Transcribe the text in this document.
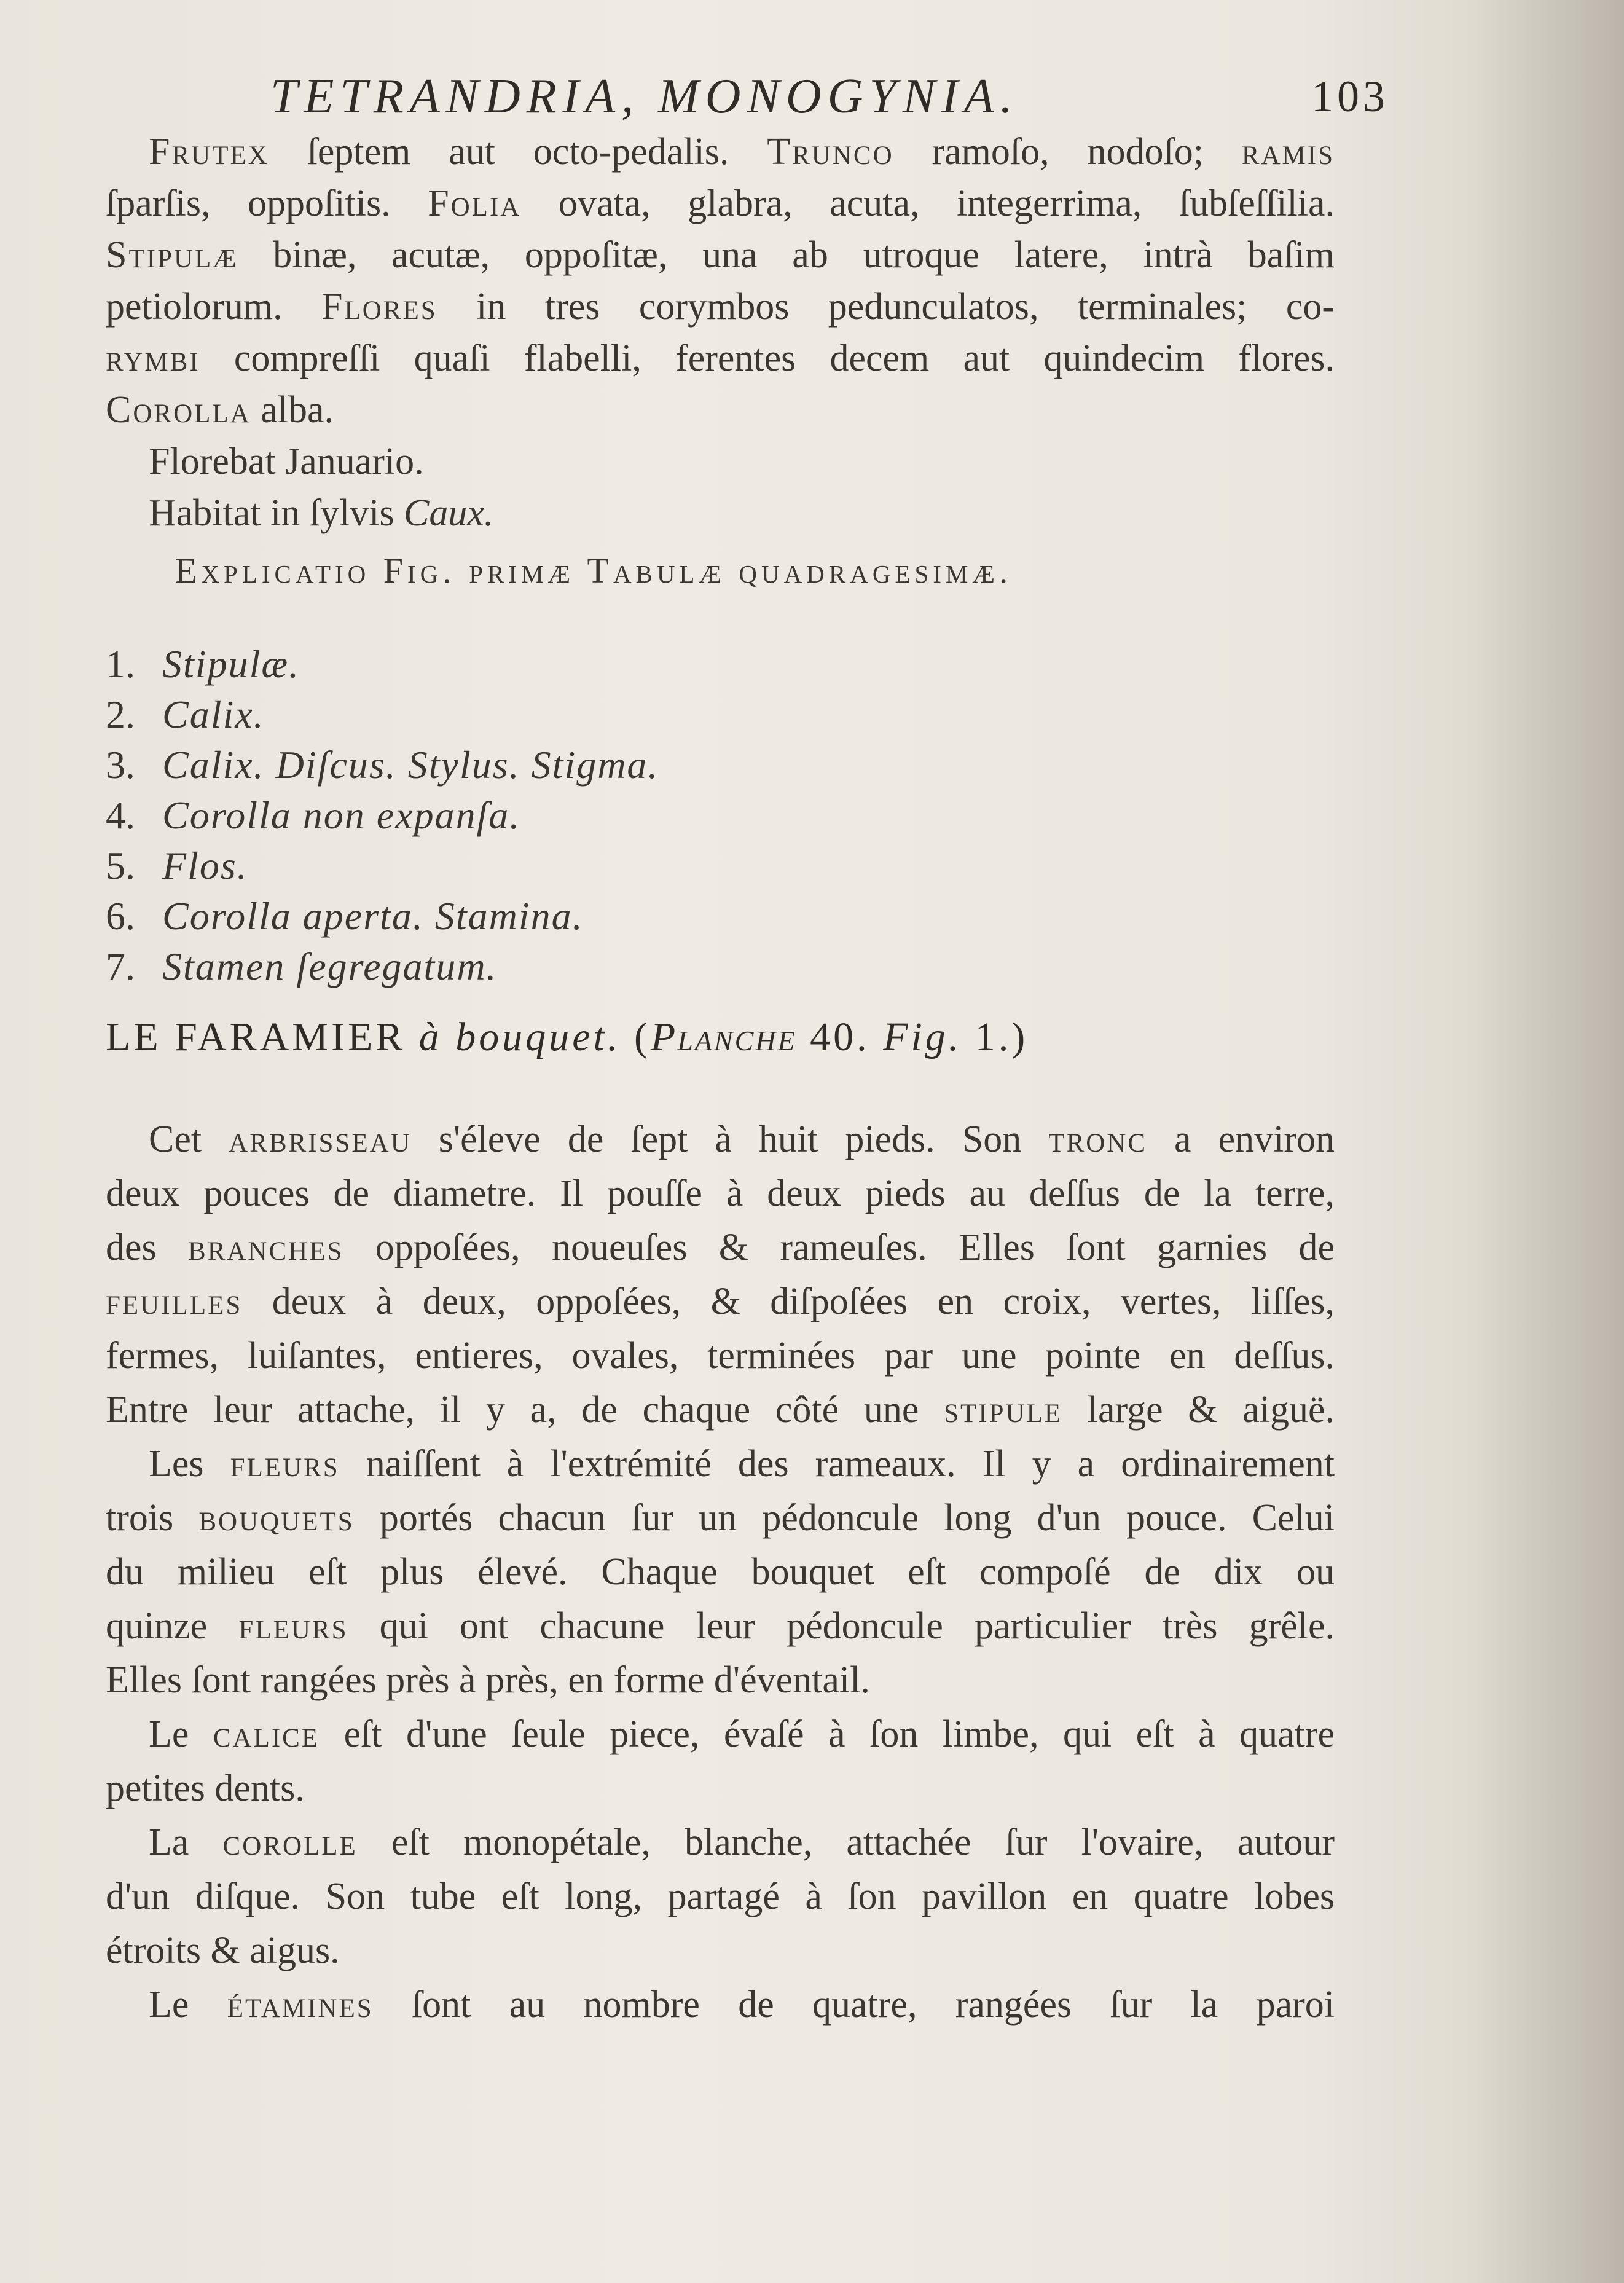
TETRANDRIA, MONOGYNIA.	103
Frutex ſeptem aut octo-pedalis. Trunco ramoſo, nodoſo; ramis
ſparſis, oppoſitis. Folia ovata, glabra, acuta, integerrima, ſubſeſſilia.
Stipulæ binæ, acutæ, oppoſitæ, una ab utroque latere, intrà baſim
petiolorum. Flores in tres corymbos pedunculatos, terminales; co-
rymbi compreſſi quaſi flabelli, ferentes decem aut quindecim flores.
Corolla alba.
Florebat Januario.
Habitat in ſylvis Caux.
Explicatio Fig. primæ Tabulæ quadragesimæ.
1. Stipulæ.
2. Calix.
3. Calix. Diſcus. Stylus. Stigma.
4. Corolla non expanſa.
5. Flos.
6. Corolla aperta. Stamina.
7. Stamen ſegregatum.
LE FARAMIER à bouquet. (Planche 40. Fig. 1.)
Cet arbrisseau s'éleve de ſept à huit pieds. Son tronc a environ
deux pouces de diametre. Il pouſſe à deux pieds au deſſus de la terre,
des branches oppoſées, noueuſes & rameuſes. Elles ſont garnies de
feuilles deux à deux, oppoſées, & diſpoſées en croix, vertes, liſſes,
fermes, luiſantes, entieres, ovales, terminées par une pointe en deſſus.
Entre leur attache, il y a, de chaque côté une stipule large & aiguë.
Les fleurs naiſſent à l'extrémité des rameaux. Il y a ordinairement
trois bouquets portés chacun ſur un pédoncule long d'un pouce. Celui
du milieu eſt plus élevé. Chaque bouquet eſt compoſé de dix ou
quinze fleurs qui ont chacune leur pédoncule particulier très grêle.
Elles ſont rangées près à près, en forme d'éventail.
Le calice eſt d'une ſeule piece, évaſé à ſon limbe, qui eſt à quatre
petites dents.
La corolle eſt monopétale, blanche, attachée ſur l'ovaire, autour
d'un diſque. Son tube eſt long, partagé à ſon pavillon en quatre lobes
étroits & aigus.
Le étamines ſont au nombre de quatre, rangées ſur la paroi
